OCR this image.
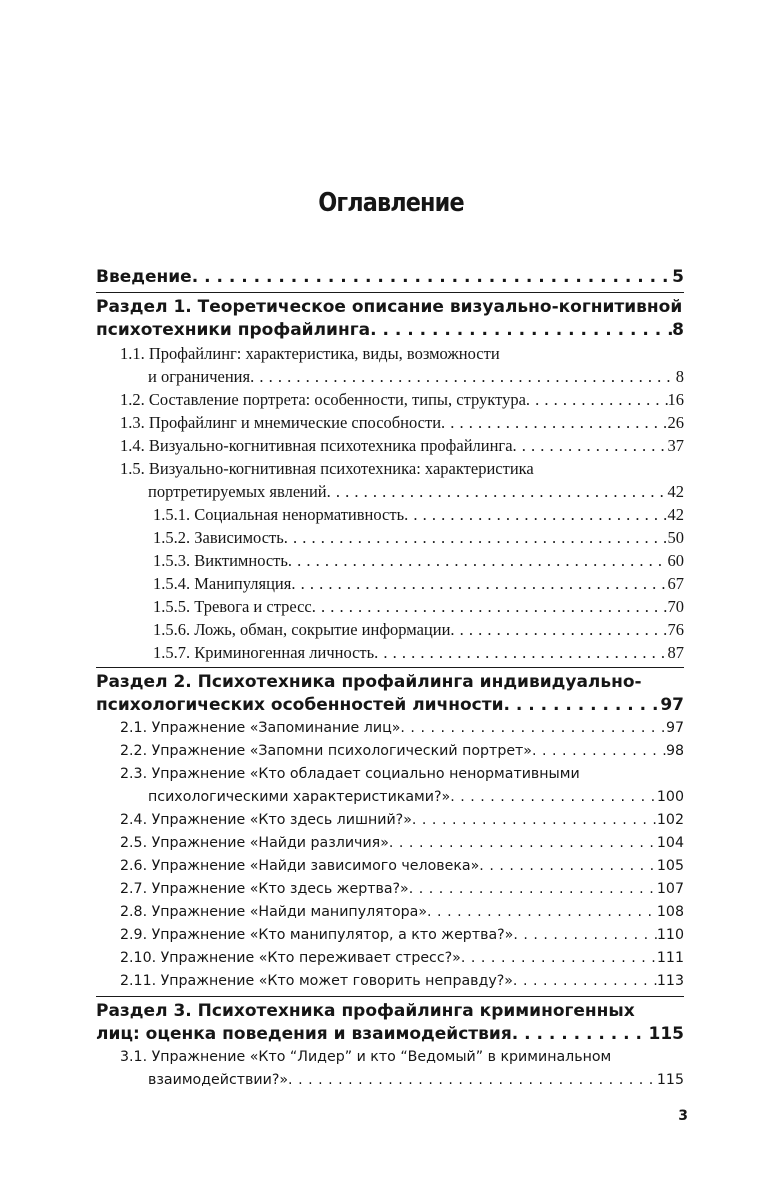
Оглавление
Введение . . .	5
Раздел 1. Теоретическое описание визуально-когнитивной
психотехники профайлинга . . .	8
1.1. Профайлинг: характеристика, виды, возможности
и ограничения . . .	8
1.2. Составление портрета: особенности, типы, структура . . .	16
1.3. Профайлинг и мнемические способности . . .	26
1.4. Визуально-когнитивная психотехника профайлинга . . .	37
1.5. Визуально-когнитивная психотехника: характеристика
портретируемых явлений . . .	42
1.5.1. Социальная ненормативность . . .	42
1.5.2. Зависимость . . .	50
1.5.3. Виктимность . . .	60
1.5.4. Манипуляция . . .	67
1.5.5. Тревога и стресс . . .	70
1.5.6. Ложь, обман, сокрытие информации . . .	76
1.5.7. Криминогенная личность . . .	87
Раздел 2. Психотехника профайлинга индивидуально-
психологических особенностей личности . . .	97
2.1. Упражнение «Запоминание лиц» . . .	97
2.2. Упражнение «Запомни психологический портрет» . . .	98
2.3. Упражнение «Кто обладает социально ненормативными
психологическими характеристиками?» . . .	100
2.4. Упражнение «Кто здесь лишний?» . . .	102
2.5. Упражнение «Найди различия» . . .	104
2.6. Упражнение «Найди зависимого человека» . . .	105
2.7. Упражнение «Кто здесь жертва?» . . .	107
2.8. Упражнение «Найди манипулятора» . . .	108
2.9. Упражнение «Кто манипулятор, а кто жертва?» . . .	110
2.10. Упражнение «Кто переживает стресс?» . . .	111
2.11. Упражнение «Кто может говорить неправду?» . . .	113
Раздел 3. Психотехника профайлинга криминогенных
лиц: оценка поведения и взаимодействия . . .	115
3.1. Упражнение «Кто “Лидер” и кто “Ведомый” в криминальном
взаимодействии?» . . .	115
3
